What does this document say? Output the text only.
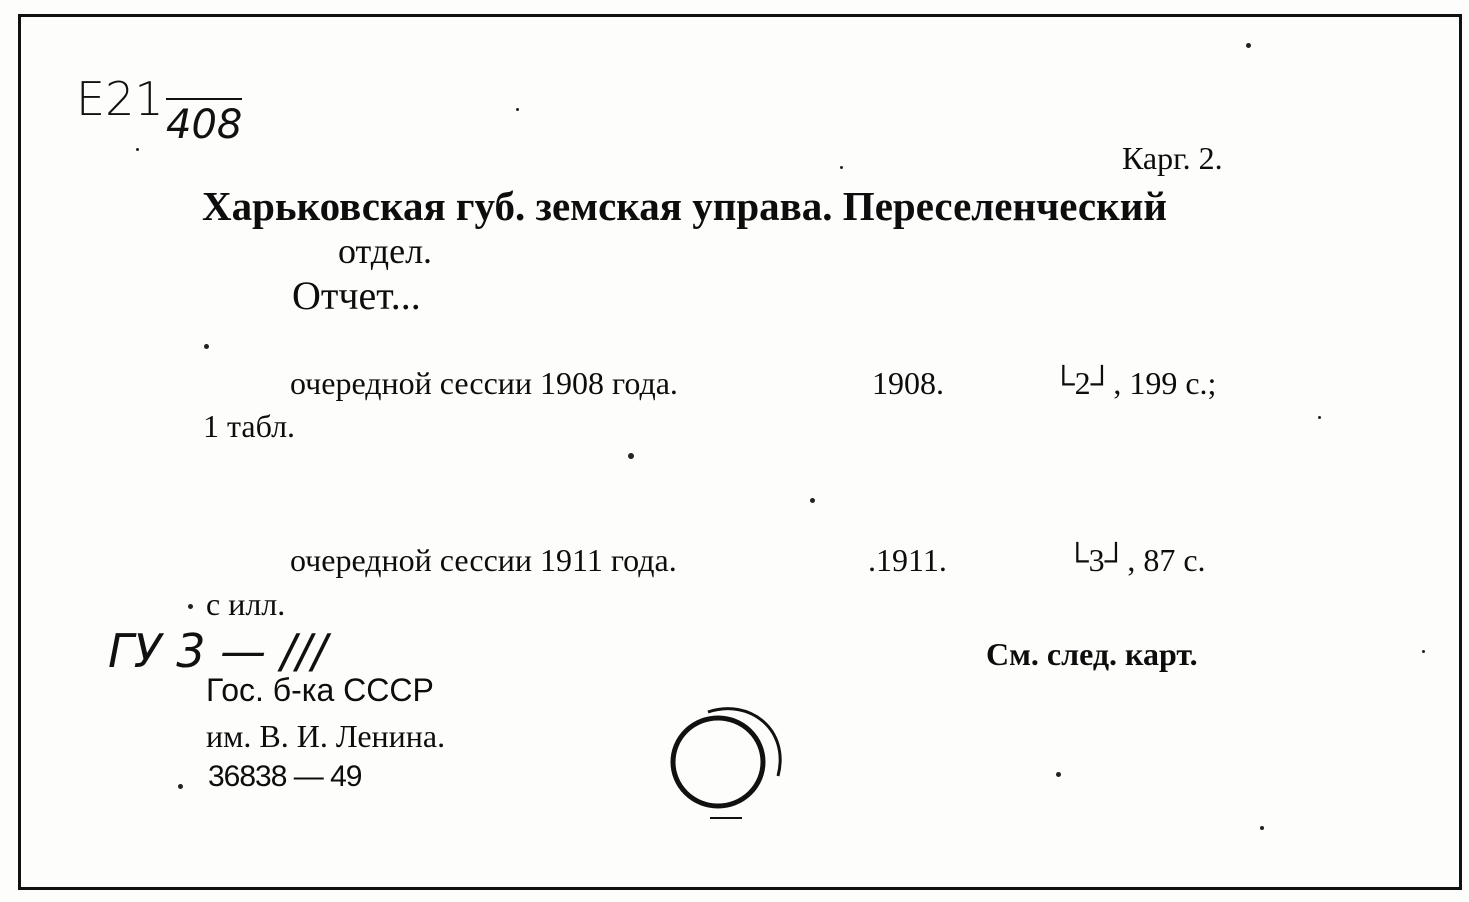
E21 408
Карг. 2.
Харьковская губ. земская управа. Переселенческий
отдел.
Отчет...
очередной сессии 1908 года.	1908.	└2┘, 199 с.;
1 табл.
очередной сессии 1911 года.	.1911.	└3┘, 87 с.
с илл.
ГУ 3 — ///	См. след. карт.
Гос. б-ка СССР
им. В. И. Ленина.
36838 — 49
